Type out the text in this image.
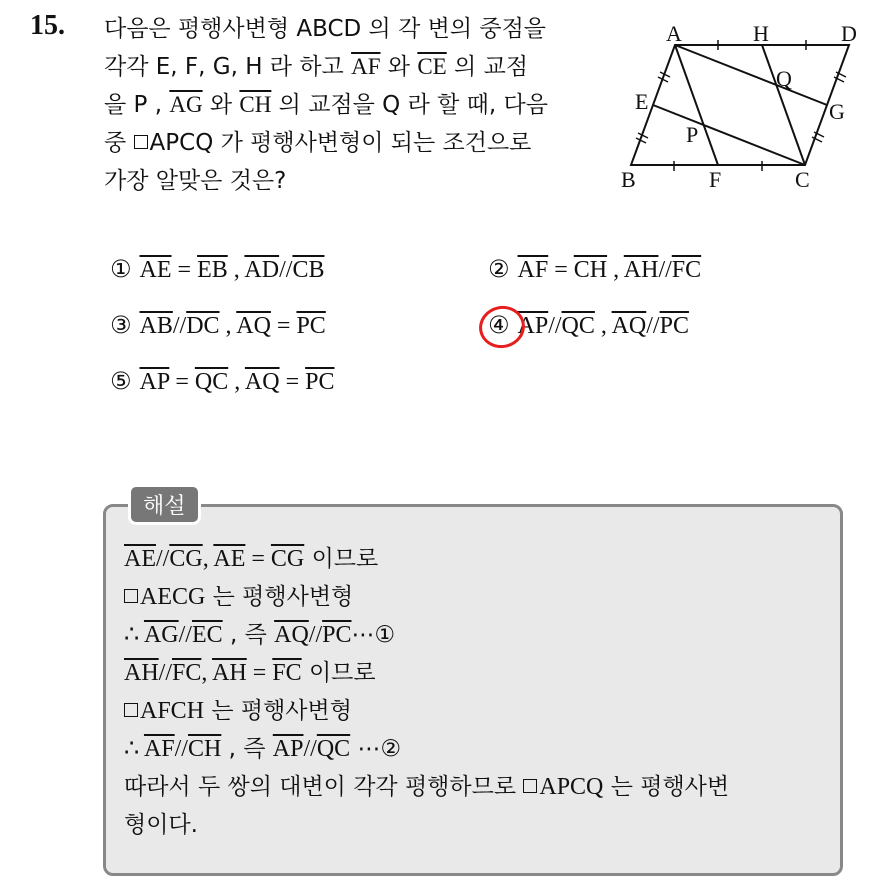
15. 다음은 평행사변형 ABCD 의 각 변의 중점을
각각 E, F, G, H 라 하고 $\overline{AF}$ 와 $\overline{CE}$ 의 교점
을 P , $\overline{AG}$ 와 $\overline{CH}$ 의 교점을 Q 라 할 때, 다음
중 APCQ 가 평행사변형이 되는 조건으로
가장 알맞은 것은?
A	H	D
E
Q
G
P
B	F	C
① $\overline{AE} = \overline{EB}$ , $\overline{AD}//\overline{CB}$	② $\overline{AF} = \overline{CH}$ , $\overline{AH}//\overline{FC}$
③ $\overline{AB}//\overline{DC}$ , $\overline{AQ} = \overline{PC}$	④ $\overline{AP}//\overline{QC}$ , $\overline{AQ}//\overline{PC}$
⑤ $\overline{AP} = \overline{QC}$ , $\overline{AQ} = \overline{PC}$
해설
$\overline{AE}//\overline{CG}$, $\overline{AE} = \overline{CG}$ 이므로
AECG 는 평행사변형
∴ $\overline{AG}//\overline{EC}$ , 즉 $\overline{AQ}//\overline{PC}\cdots ①$
$\overline{AH}//\overline{FC}$, $\overline{AH} = \overline{FC}$ 이므로
AFCH 는 평행사변형
∴ $\overline{AF}//\overline{CH}$ , 즉 $\overline{AP}//\overline{QC}$ ⋯②
따라서 두 쌍의 대변이 각각 평행하므로 APCQ 는 평행사변
형이다.
